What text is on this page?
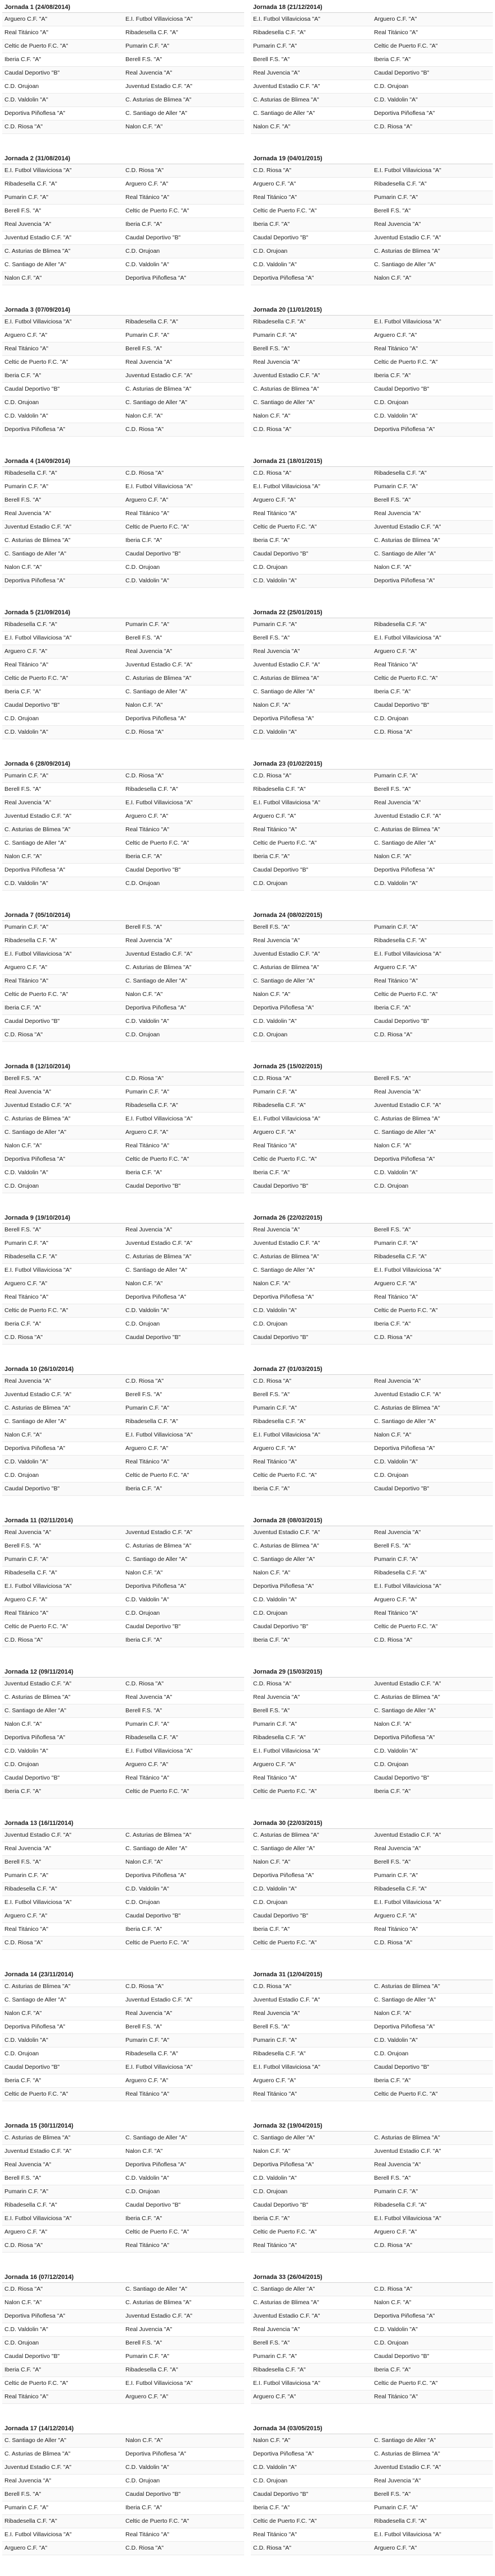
Jornada 1 (24/08/2014)
Arguero C.F. "A"	E.I. Futbol Villaviciosa "A"
Real Titánico "A"	Ribadesella C.F. "A"
Celtic de Puerto F.C. "A"	Pumarin C.F. "A"
Iberia C.F. "A"	Berell F.S. "A"
Caudal Deportivo "B"	Real Juvencia "A"
C.D. Orujoan	Juventud Estadio C.F. "A"
C.D. Valdolin "A"	C. Asturias de Blimea "A"
Deportiva Piñoflesa "A"	C. Santiago de Aller "A"
C.D. Riosa "A"	Nalon C.F. "A"
Jornada 18 (21/12/2014)
E.I. Futbol Villaviciosa "A"	Arguero C.F. "A"
Ribadesella C.F. "A"	Real Titánico "A"
Pumarin C.F. "A"	Celtic de Puerto F.C. "A"
Berell F.S. "A"	Iberia C.F. "A"
Real Juvencia "A"	Caudal Deportivo "B"
Juventud Estadio C.F. "A"	C.D. Orujoan
C. Asturias de Blimea "A"	C.D. Valdolin "A"
C. Santiago de Aller "A"	Deportiva Piñoflesa "A"
Nalon C.F. "A"	C.D. Riosa "A"
Jornada 2 (31/08/2014)
E.I. Futbol Villaviciosa "A"	C.D. Riosa "A"
Ribadesella C.F. "A"	Arguero C.F. "A"
Pumarin C.F. "A"	Real Titánico "A"
Berell F.S. "A"	Celtic de Puerto F.C. "A"
Real Juvencia "A"	Iberia C.F. "A"
Juventud Estadio C.F. "A"	Caudal Deportivo "B"
C. Asturias de Blimea "A"	C.D. Orujoan
C. Santiago de Aller "A"	C.D. Valdolin "A"
Nalon C.F. "A"	Deportiva Piñoflesa "A"
Jornada 19 (04/01/2015)
C.D. Riosa "A"	E.I. Futbol Villaviciosa "A"
Arguero C.F. "A"	Ribadesella C.F. "A"
Real Titánico "A"	Pumarin C.F. "A"
Celtic de Puerto F.C. "A"	Berell F.S. "A"
Iberia C.F. "A"	Real Juvencia "A"
Caudal Deportivo "B"	Juventud Estadio C.F. "A"
C.D. Orujoan	C. Asturias de Blimea "A"
C.D. Valdolin "A"	C. Santiago de Aller "A"
Deportiva Piñoflesa "A"	Nalon C.F. "A"
Jornada 3 (07/09/2014)
E.I. Futbol Villaviciosa "A"	Ribadesella C.F. "A"
Arguero C.F. "A"	Pumarin C.F. "A"
Real Titánico "A"	Berell F.S. "A"
Celtic de Puerto F.C. "A"	Real Juvencia "A"
Iberia C.F. "A"	Juventud Estadio C.F. "A"
Caudal Deportivo "B"	C. Asturias de Blimea "A"
C.D. Orujoan	C. Santiago de Aller "A"
C.D. Valdolin "A"	Nalon C.F. "A"
Deportiva Piñoflesa "A"	C.D. Riosa "A"
Jornada 20 (11/01/2015)
Ribadesella C.F. "A"	E.I. Futbol Villaviciosa "A"
Pumarin C.F. "A"	Arguero C.F. "A"
Berell F.S. "A"	Real Titánico "A"
Real Juvencia "A"	Celtic de Puerto F.C. "A"
Juventud Estadio C.F. "A"	Iberia C.F. "A"
C. Asturias de Blimea "A"	Caudal Deportivo "B"
C. Santiago de Aller "A"	C.D. Orujoan
Nalon C.F. "A"	C.D. Valdolin "A"
C.D. Riosa "A"	Deportiva Piñoflesa "A"
Jornada 4 (14/09/2014)
Ribadesella C.F. "A"	C.D. Riosa "A"
Pumarin C.F. "A"	E.I. Futbol Villaviciosa "A"
Berell F.S. "A"	Arguero C.F. "A"
Real Juvencia "A"	Real Titánico "A"
Juventud Estadio C.F. "A"	Celtic de Puerto F.C. "A"
C. Asturias de Blimea "A"	Iberia C.F. "A"
C. Santiago de Aller "A"	Caudal Deportivo "B"
Nalon C.F. "A"	C.D. Orujoan
Deportiva Piñoflesa "A"	C.D. Valdolin "A"
Jornada 21 (18/01/2015)
C.D. Riosa "A"	Ribadesella C.F. "A"
E.I. Futbol Villaviciosa "A"	Pumarin C.F. "A"
Arguero C.F. "A"	Berell F.S. "A"
Real Titánico "A"	Real Juvencia "A"
Celtic de Puerto F.C. "A"	Juventud Estadio C.F. "A"
Iberia C.F. "A"	C. Asturias de Blimea "A"
Caudal Deportivo "B"	C. Santiago de Aller "A"
C.D. Orujoan	Nalon C.F. "A"
C.D. Valdolin "A"	Deportiva Piñoflesa "A"
Jornada 5 (21/09/2014)
Ribadesella C.F. "A"	Pumarin C.F. "A"
E.I. Futbol Villaviciosa "A"	Berell F.S. "A"
Arguero C.F. "A"	Real Juvencia "A"
Real Titánico "A"	Juventud Estadio C.F. "A"
Celtic de Puerto F.C. "A"	C. Asturias de Blimea "A"
Iberia C.F. "A"	C. Santiago de Aller "A"
Caudal Deportivo "B"	Nalon C.F. "A"
C.D. Orujoan	Deportiva Piñoflesa "A"
C.D. Valdolin "A"	C.D. Riosa "A"
Jornada 22 (25/01/2015)
Pumarin C.F. "A"	Ribadesella C.F. "A"
Berell F.S. "A"	E.I. Futbol Villaviciosa "A"
Real Juvencia "A"	Arguero C.F. "A"
Juventud Estadio C.F. "A"	Real Titánico "A"
C. Asturias de Blimea "A"	Celtic de Puerto F.C. "A"
C. Santiago de Aller "A"	Iberia C.F. "A"
Nalon C.F. "A"	Caudal Deportivo "B"
Deportiva Piñoflesa "A"	C.D. Orujoan
C.D. Valdolin "A"	C.D. Riosa "A"
Jornada 6 (28/09/2014)
Pumarin C.F. "A"	C.D. Riosa "A"
Berell F.S. "A"	Ribadesella C.F. "A"
Real Juvencia "A"	E.I. Futbol Villaviciosa "A"
Juventud Estadio C.F. "A"	Arguero C.F. "A"
C. Asturias de Blimea "A"	Real Titánico "A"
C. Santiago de Aller "A"	Celtic de Puerto F.C. "A"
Nalon C.F. "A"	Iberia C.F. "A"
Deportiva Piñoflesa "A"	Caudal Deportivo "B"
C.D. Valdolin "A"	C.D. Orujoan
Jornada 23 (01/02/2015)
C.D. Riosa "A"	Pumarin C.F. "A"
Ribadesella C.F. "A"	Berell F.S. "A"
E.I. Futbol Villaviciosa "A"	Real Juvencia "A"
Arguero C.F. "A"	Juventud Estadio C.F. "A"
Real Titánico "A"	C. Asturias de Blimea "A"
Celtic de Puerto F.C. "A"	C. Santiago de Aller "A"
Iberia C.F. "A"	Nalon C.F. "A"
Caudal Deportivo "B"	Deportiva Piñoflesa "A"
C.D. Orujoan	C.D. Valdolin "A"
Jornada 7 (05/10/2014)
Pumarin C.F. "A"	Berell F.S. "A"
Ribadesella C.F. "A"	Real Juvencia "A"
E.I. Futbol Villaviciosa "A"	Juventud Estadio C.F. "A"
Arguero C.F. "A"	C. Asturias de Blimea "A"
Real Titánico "A"	C. Santiago de Aller "A"
Celtic de Puerto F.C. "A"	Nalon C.F. "A"
Iberia C.F. "A"	Deportiva Piñoflesa "A"
Caudal Deportivo "B"	C.D. Valdolin "A"
C.D. Riosa "A"	C.D. Orujoan
Jornada 24 (08/02/2015)
Berell F.S. "A"	Pumarin C.F. "A"
Real Juvencia "A"	Ribadesella C.F. "A"
Juventud Estadio C.F. "A"	E.I. Futbol Villaviciosa "A"
C. Asturias de Blimea "A"	Arguero C.F. "A"
C. Santiago de Aller "A"	Real Titánico "A"
Nalon C.F. "A"	Celtic de Puerto F.C. "A"
Deportiva Piñoflesa "A"	Iberia C.F. "A"
C.D. Valdolin "A"	Caudal Deportivo "B"
C.D. Orujoan	C.D. Riosa "A"
Jornada 8 (12/10/2014)
Berell F.S. "A"	C.D. Riosa "A"
Real Juvencia "A"	Pumarin C.F. "A"
Juventud Estadio C.F. "A"	Ribadesella C.F. "A"
C. Asturias de Blimea "A"	E.I. Futbol Villaviciosa "A"
C. Santiago de Aller "A"	Arguero C.F. "A"
Nalon C.F. "A"	Real Titánico "A"
Deportiva Piñoflesa "A"	Celtic de Puerto F.C. "A"
C.D. Valdolin "A"	Iberia C.F. "A"
C.D. Orujoan	Caudal Deportivo "B"
Jornada 25 (15/02/2015)
C.D. Riosa "A"	Berell F.S. "A"
Pumarin C.F. "A"	Real Juvencia "A"
Ribadesella C.F. "A"	Juventud Estadio C.F. "A"
E.I. Futbol Villaviciosa "A"	C. Asturias de Blimea "A"
Arguero C.F. "A"	C. Santiago de Aller "A"
Real Titánico "A"	Nalon C.F. "A"
Celtic de Puerto F.C. "A"	Deportiva Piñoflesa "A"
Iberia C.F. "A"	C.D. Valdolin "A"
Caudal Deportivo "B"	C.D. Orujoan
Jornada 9 (19/10/2014)
Berell F.S. "A"	Real Juvencia "A"
Pumarin C.F. "A"	Juventud Estadio C.F. "A"
Ribadesella C.F. "A"	C. Asturias de Blimea "A"
E.I. Futbol Villaviciosa "A"	C. Santiago de Aller "A"
Arguero C.F. "A"	Nalon C.F. "A"
Real Titánico "A"	Deportiva Piñoflesa "A"
Celtic de Puerto F.C. "A"	C.D. Valdolin "A"
Iberia C.F. "A"	C.D. Orujoan
C.D. Riosa "A"	Caudal Deportivo "B"
Jornada 26 (22/02/2015)
Real Juvencia "A"	Berell F.S. "A"
Juventud Estadio C.F. "A"	Pumarin C.F. "A"
C. Asturias de Blimea "A"	Ribadesella C.F. "A"
C. Santiago de Aller "A"	E.I. Futbol Villaviciosa "A"
Nalon C.F. "A"	Arguero C.F. "A"
Deportiva Piñoflesa "A"	Real Titánico "A"
C.D. Valdolin "A"	Celtic de Puerto F.C. "A"
C.D. Orujoan	Iberia C.F. "A"
Caudal Deportivo "B"	C.D. Riosa "A"
Jornada 10 (26/10/2014)
Real Juvencia "A"	C.D. Riosa "A"
Juventud Estadio C.F. "A"	Berell F.S. "A"
C. Asturias de Blimea "A"	Pumarin C.F. "A"
C. Santiago de Aller "A"	Ribadesella C.F. "A"
Nalon C.F. "A"	E.I. Futbol Villaviciosa "A"
Deportiva Piñoflesa "A"	Arguero C.F. "A"
C.D. Valdolin "A"	Real Titánico "A"
C.D. Orujoan	Celtic de Puerto F.C. "A"
Caudal Deportivo "B"	Iberia C.F. "A"
Jornada 27 (01/03/2015)
C.D. Riosa "A"	Real Juvencia "A"
Berell F.S. "A"	Juventud Estadio C.F. "A"
Pumarin C.F. "A"	C. Asturias de Blimea "A"
Ribadesella C.F. "A"	C. Santiago de Aller "A"
E.I. Futbol Villaviciosa "A"	Nalon C.F. "A"
Arguero C.F. "A"	Deportiva Piñoflesa "A"
Real Titánico "A"	C.D. Valdolin "A"
Celtic de Puerto F.C. "A"	C.D. Orujoan
Iberia C.F. "A"	Caudal Deportivo "B"
Jornada 11 (02/11/2014)
Real Juvencia "A"	Juventud Estadio C.F. "A"
Berell F.S. "A"	C. Asturias de Blimea "A"
Pumarin C.F. "A"	C. Santiago de Aller "A"
Ribadesella C.F. "A"	Nalon C.F. "A"
E.I. Futbol Villaviciosa "A"	Deportiva Piñoflesa "A"
Arguero C.F. "A"	C.D. Valdolin "A"
Real Titánico "A"	C.D. Orujoan
Celtic de Puerto F.C. "A"	Caudal Deportivo "B"
C.D. Riosa "A"	Iberia C.F. "A"
Jornada 28 (08/03/2015)
Juventud Estadio C.F. "A"	Real Juvencia "A"
C. Asturias de Blimea "A"	Berell F.S. "A"
C. Santiago de Aller "A"	Pumarin C.F. "A"
Nalon C.F. "A"	Ribadesella C.F. "A"
Deportiva Piñoflesa "A"	E.I. Futbol Villaviciosa "A"
C.D. Valdolin "A"	Arguero C.F. "A"
C.D. Orujoan	Real Titánico "A"
Caudal Deportivo "B"	Celtic de Puerto F.C. "A"
Iberia C.F. "A"	C.D. Riosa "A"
Jornada 12 (09/11/2014)
Juventud Estadio C.F. "A"	C.D. Riosa "A"
C. Asturias de Blimea "A"	Real Juvencia "A"
C. Santiago de Aller "A"	Berell F.S. "A"
Nalon C.F. "A"	Pumarin C.F. "A"
Deportiva Piñoflesa "A"	Ribadesella C.F. "A"
C.D. Valdolin "A"	E.I. Futbol Villaviciosa "A"
C.D. Orujoan	Arguero C.F. "A"
Caudal Deportivo "B"	Real Titánico "A"
Iberia C.F. "A"	Celtic de Puerto F.C. "A"
Jornada 29 (15/03/2015)
C.D. Riosa "A"	Juventud Estadio C.F. "A"
Real Juvencia "A"	C. Asturias de Blimea "A"
Berell F.S. "A"	C. Santiago de Aller "A"
Pumarin C.F. "A"	Nalon C.F. "A"
Ribadesella C.F. "A"	Deportiva Piñoflesa "A"
E.I. Futbol Villaviciosa "A"	C.D. Valdolin "A"
Arguero C.F. "A"	C.D. Orujoan
Real Titánico "A"	Caudal Deportivo "B"
Celtic de Puerto F.C. "A"	Iberia C.F. "A"
Jornada 13 (16/11/2014)
Juventud Estadio C.F. "A"	C. Asturias de Blimea "A"
Real Juvencia "A"	C. Santiago de Aller "A"
Berell F.S. "A"	Nalon C.F. "A"
Pumarin C.F. "A"	Deportiva Piñoflesa "A"
Ribadesella C.F. "A"	C.D. Valdolin "A"
E.I. Futbol Villaviciosa "A"	C.D. Orujoan
Arguero C.F. "A"	Caudal Deportivo "B"
Real Titánico "A"	Iberia C.F. "A"
C.D. Riosa "A"	Celtic de Puerto F.C. "A"
Jornada 30 (22/03/2015)
C. Asturias de Blimea "A"	Juventud Estadio C.F. "A"
C. Santiago de Aller "A"	Real Juvencia "A"
Nalon C.F. "A"	Berell F.S. "A"
Deportiva Piñoflesa "A"	Pumarin C.F. "A"
C.D. Valdolin "A"	Ribadesella C.F. "A"
C.D. Orujoan	E.I. Futbol Villaviciosa "A"
Caudal Deportivo "B"	Arguero C.F. "A"
Iberia C.F. "A"	Real Titánico "A"
Celtic de Puerto F.C. "A"	C.D. Riosa "A"
Jornada 14 (23/11/2014)
C. Asturias de Blimea "A"	C.D. Riosa "A"
C. Santiago de Aller "A"	Juventud Estadio C.F. "A"
Nalon C.F. "A"	Real Juvencia "A"
Deportiva Piñoflesa "A"	Berell F.S. "A"
C.D. Valdolin "A"	Pumarin C.F. "A"
C.D. Orujoan	Ribadesella C.F. "A"
Caudal Deportivo "B"	E.I. Futbol Villaviciosa "A"
Iberia C.F. "A"	Arguero C.F. "A"
Celtic de Puerto F.C. "A"	Real Titánico "A"
Jornada 31 (12/04/2015)
C.D. Riosa "A"	C. Asturias de Blimea "A"
Juventud Estadio C.F. "A"	C. Santiago de Aller "A"
Real Juvencia "A"	Nalon C.F. "A"
Berell F.S. "A"	Deportiva Piñoflesa "A"
Pumarin C.F. "A"	C.D. Valdolin "A"
Ribadesella C.F. "A"	C.D. Orujoan
E.I. Futbol Villaviciosa "A"	Caudal Deportivo "B"
Arguero C.F. "A"	Iberia C.F. "A"
Real Titánico "A"	Celtic de Puerto F.C. "A"
Jornada 15 (30/11/2014)
C. Asturias de Blimea "A"	C. Santiago de Aller "A"
Juventud Estadio C.F. "A"	Nalon C.F. "A"
Real Juvencia "A"	Deportiva Piñoflesa "A"
Berell F.S. "A"	C.D. Valdolin "A"
Pumarin C.F. "A"	C.D. Orujoan
Ribadesella C.F. "A"	Caudal Deportivo "B"
E.I. Futbol Villaviciosa "A"	Iberia C.F. "A"
Arguero C.F. "A"	Celtic de Puerto F.C. "A"
C.D. Riosa "A"	Real Titánico "A"
Jornada 32 (19/04/2015)
C. Santiago de Aller "A"	C. Asturias de Blimea "A"
Nalon C.F. "A"	Juventud Estadio C.F. "A"
Deportiva Piñoflesa "A"	Real Juvencia "A"
C.D. Valdolin "A"	Berell F.S. "A"
C.D. Orujoan	Pumarin C.F. "A"
Caudal Deportivo "B"	Ribadesella C.F. "A"
Iberia C.F. "A"	E.I. Futbol Villaviciosa "A"
Celtic de Puerto F.C. "A"	Arguero C.F. "A"
Real Titánico "A"	C.D. Riosa "A"
Jornada 16 (07/12/2014)
C.D. Riosa "A"	C. Santiago de Aller "A"
Nalon C.F. "A"	C. Asturias de Blimea "A"
Deportiva Piñoflesa "A"	Juventud Estadio C.F. "A"
C.D. Valdolin "A"	Real Juvencia "A"
C.D. Orujoan	Berell F.S. "A"
Caudal Deportivo "B"	Pumarin C.F. "A"
Iberia C.F. "A"	Ribadesella C.F. "A"
Celtic de Puerto F.C. "A"	E.I. Futbol Villaviciosa "A"
Real Titánico "A"	Arguero C.F. "A"
Jornada 33 (26/04/2015)
C. Santiago de Aller "A"	C.D. Riosa "A"
C. Asturias de Blimea "A"	Nalon C.F. "A"
Juventud Estadio C.F. "A"	Deportiva Piñoflesa "A"
Real Juvencia "A"	C.D. Valdolin "A"
Berell F.S. "A"	C.D. Orujoan
Pumarin C.F. "A"	Caudal Deportivo "B"
Ribadesella C.F. "A"	Iberia C.F. "A"
E.I. Futbol Villaviciosa "A"	Celtic de Puerto F.C. "A"
Arguero C.F. "A"	Real Titánico "A"
Jornada 17 (14/12/2014)
C. Santiago de Aller "A"	Nalon C.F. "A"
C. Asturias de Blimea "A"	Deportiva Piñoflesa "A"
Juventud Estadio C.F. "A"	C.D. Valdolin "A"
Real Juvencia "A"	C.D. Orujoan
Berell F.S. "A"	Caudal Deportivo "B"
Pumarin C.F. "A"	Iberia C.F. "A"
Ribadesella C.F. "A"	Celtic de Puerto F.C. "A"
E.I. Futbol Villaviciosa "A"	Real Titánico "A"
Arguero C.F. "A"	C.D. Riosa "A"
Jornada 34 (03/05/2015)
Nalon C.F. "A"	C. Santiago de Aller "A"
Deportiva Piñoflesa "A"	C. Asturias de Blimea "A"
C.D. Valdolin "A"	Juventud Estadio C.F. "A"
C.D. Orujoan	Real Juvencia "A"
Caudal Deportivo "B"	Berell F.S. "A"
Iberia C.F. "A"	Pumarin C.F. "A"
Celtic de Puerto F.C. "A"	Ribadesella C.F. "A"
Real Titánico "A"	E.I. Futbol Villaviciosa "A"
C.D. Riosa "A"	Arguero C.F. "A"
